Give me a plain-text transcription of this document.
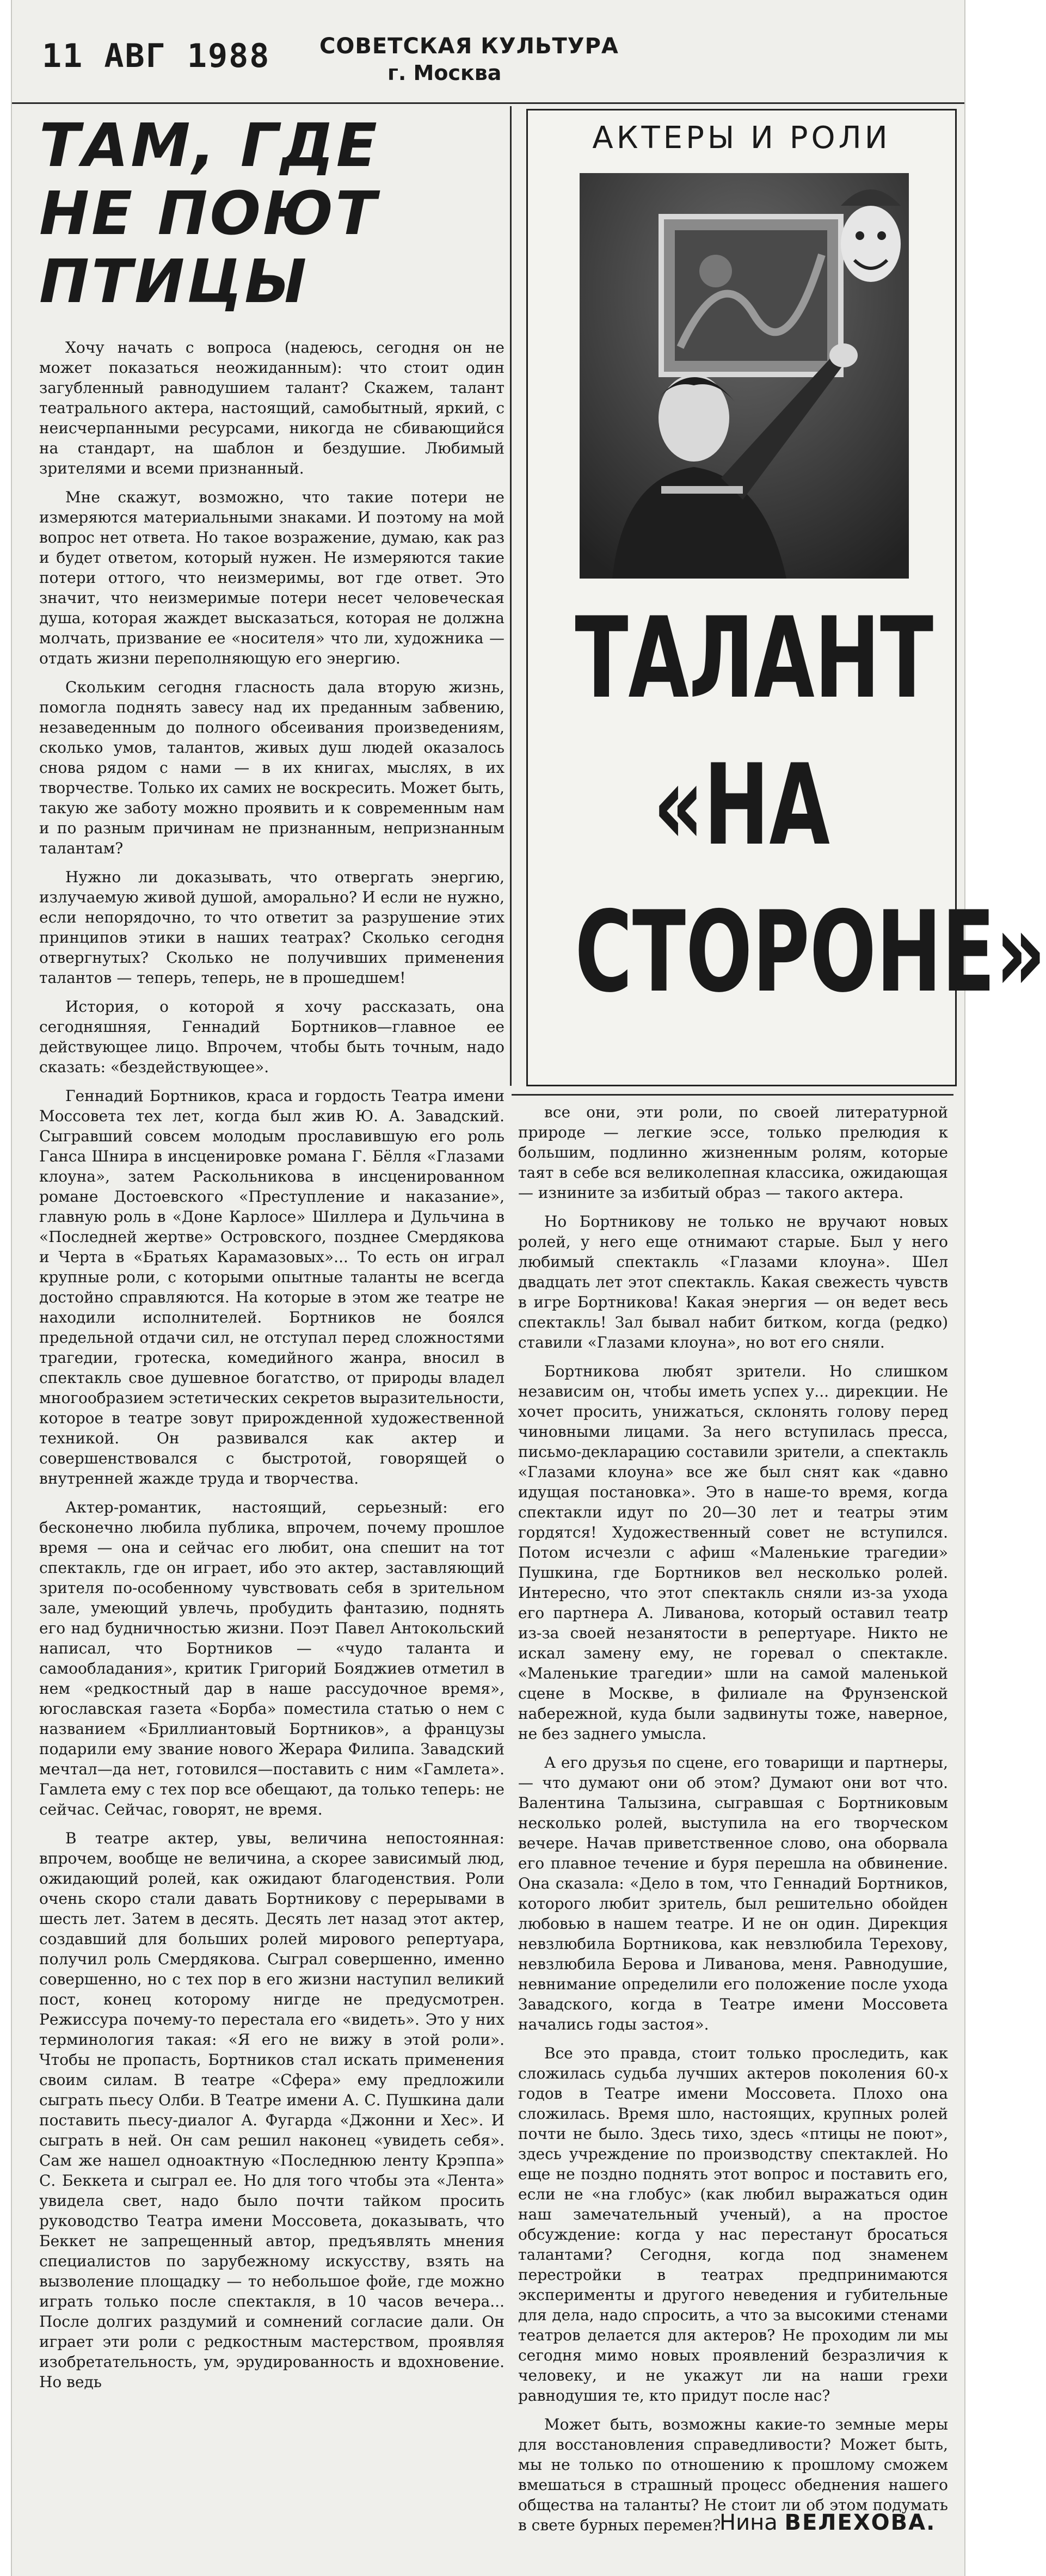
11 АВГ 1988 СОВЕТСКАЯ КУЛЬТУРА
г. Москва
ТАМ, ГДЕ
НЕ ПОЮТ
ПТИЦЫ
АКТЕРЫ И РОЛИ
ТАЛАНТ
«НА
СТОРОНЕ»

Хочу начать с вопроса (надеюсь, сегодня он не может показаться неожиданным): что стоит один загубленный равнодушием талант? Скажем, талант театрального актера, настоящий, самобытный, яркий, с неисчерпанными ресурсами, никогда не сбивающийся на стандарт, на шаблон и бездушие. Любимый зрителями и всеми признанный.

Мне скажут, возможно, что такие потери не измеряются материальными знаками. И поэтому на мой вопрос нет ответа. Но такое возражение, думаю, как раз и будет ответом, который нужен. Не измеряются такие потери оттого, что неизмеримы, вот где ответ. Это значит, что неизмеримые потери несет человеческая душа, которая жаждет высказаться, которая не должна молчать, призвание ее «носителя» что ли, художника — отдать жизни переполняющую его энергию.

Скольким сегодня гласность дала вторую жизнь, помогла поднять завесу над их преданным забвению, незаведенным до полного обсеивания произведениям, сколько умов, талантов, живых душ людей оказалось снова рядом с нами — в их книгах, мыслях, в их творчестве. Только их самих не воскресить. Может быть, такую же заботу можно проявить и к современным нам и по разным причинам не признанным, непризнанным талантам?

Нужно ли доказывать, что отвергать энергию, излучаемую живой душой, аморально? И если не нужно, если непорядочно, то что ответит за разрушение этих принципов этики в наших театрах? Сколько сегодня отвергнутых? Сколько не получивших применения талантов — теперь, теперь, не в прошедшем!

История, о которой я хочу рассказать, она сегодняшняя, Геннадий Бортников—главное ее действующее лицо. Впрочем, чтобы быть точным, надо сказать: «бездействующее».

Геннадий Бортников, краса и гордость Театра имени Моссовета тех лет, когда был жив Ю. А. Завадский. Сыгравший совсем молодым прославившую его роль Ганса Шнира в инсценировке романа Г. Бёлля «Глазами клоуна», затем Раскольникова в инсценированном романе Достоевского «Преступление и наказание», главную роль в «Доне Карлосе» Шиллера и Дульчина в «Последней жертве» Островского, позднее Смердякова и Черта в «Братьях Карамазовых»... То есть он играл крупные роли, с которыми опытные таланты не всегда достойно справляются. На которые в этом же театре не находили исполнителей. Бортников не боялся предельной отдачи сил, не отступал перед сложностями трагедии, гротеска, комедийного жанра, вносил в спектакль свое душевное богатство, от природы владел многообразием эстетических секретов выразительности, которое в театре зовут прирожденной художественной техникой. Он развивался как актер и совершенствовался с быстротой, говорящей о внутренней жажде труда и творчества.

Актер-романтик, настоящий, серьезный: его бесконечно любила публика, впрочем, почему прошлое время — она и сейчас его любит, она спешит на тот спектакль, где он играет, ибо это актер, заставляющий зрителя по-особенному чувствовать себя в зрительном зале, умеющий увлечь, пробудить фантазию, поднять его над будничностью жизни. Поэт Павел Антокольский написал, что Бортников — «чудо таланта и самообладания», критик Григорий Бояджиев отметил в нем «редкостный дар в наше рассудочное время», югославская газета «Борба» поместила статью о нем с названием «Бриллиантовый Бортников», а французы подарили ему звание нового Жерара Филипа. Завадский мечтал—да нет, готовился—поставить с ним «Гамлета». Гамлета ему с тех пор все обещают, да только теперь: не сейчас. Сейчас, говорят, не время.

В театре актер, увы, величина непостоянная: впрочем, вообще не величина, а скорее зависимый люд, ожидающий ролей, как ожидают благоденствия. Роли очень скоро стали давать Бортникову с перерывами в шесть лет. Затем в десять. Десять лет назад этот актер, создавший для больших ролей мирового репертуара, получил роль Смердякова. Сыграл совершенно, именно совершенно, но с тех пор в его жизни наступил великий пост, конец которому нигде не предусмотрен. Режиссура почему-то перестала его «видеть». Это у них терминология такая: «Я его не вижу в этой роли». Чтобы не пропасть, Бортников стал искать применения своим силам. В театре «Сфера» ему предложили сыграть пьесу Олби. В Театре имени А. С. Пушкина дали поставить пьесу-диалог А. Фугарда «Джонни и Хес». И сыграть в ней. Он сам решил наконец «увидеть себя». Сам же нашел одноактную «Последнюю ленту Крэппа» С. Беккета и сыграл ее. Но для того чтобы эта «Лента» увидела свет, надо было почти тайком просить руководство Театра имени Моссовета, доказывать, что Беккет не запрещенный автор, предъявлять мнения специалистов по зарубежному искусству, взять на вызволение площадку — то небольшое фойе, где можно играть только после спектакля, в 10 часов вечера... После долгих раздумий и сомнений согласие дали. Он играет эти роли с редкостным мастерством, проявляя изобретательность, ум, эрудированность и вдохновение. Но ведь

все они, эти роли, по своей литературной природе — легкие эссе, только прелюдия к большим, подлинно жизненным ролям, которые таят в себе вся великолепная классика, ожидающая — изнините за избитый образ — такого актера.

Но Бортникову не только не вручают новых ролей, у него еще отнимают старые. Был у него любимый спектакль «Глазами клоуна». Шел двадцать лет этот спектакль. Какая свежесть чувств в игре Бортникова! Какая энергия — он ведет весь спектакль! Зал бывал набит битком, когда (редко) ставили «Глазами клоуна», но вот его сняли.

Бортникова любят зрители. Но слишком независим он, чтобы иметь успех у... дирекции. Не хочет просить, унижаться, склонять голову перед чиновными лицами. За него вступилась пресса, письмо-декларацию составили зрители, а спектакль «Глазами клоуна» все же был снят как «давно идущая постановка». Это в наше-то время, когда спектакли идут по 20—30 лет и театры этим гордятся! Художественный совет не вступился. Потом исчезли с афиш «Маленькие трагедии» Пушкина, где Бортников вел несколько ролей. Интересно, что этот спектакль сняли из-за ухода его партнера А. Ливанова, который оставил театр из-за своей незанятости в репертуаре. Никто не искал замену ему, не горевал о спектакле. «Маленькие трагедии» шли на самой маленькой сцене в Москве, в филиале на Фрунзенской набережной, куда были задвинуты тоже, наверное, не без заднего умысла.

А его друзья по сцене, его товарищи и партнеры,— что думают они об этом? Думают они вот что. Валентина Талызина, сыгравшая с Бортниковым несколько ролей, выступила на его творческом вечере. Начав приветственное слово, она оборвала его плавное течение и буря перешла на обвинение. Она сказала: «Дело в том, что Геннадий Бортников, которого любит зритель, был решительно обойден любовью в нашем театре. И не он один. Дирекция невзлюбила Бортникова, как невзлюбила Терехову, невзлюбила Берова и Ливанова, меня. Равнодушие, невнимание определили его положение после ухода Завадского, когда в Театре имени Моссовета начались годы застоя».

Все это правда, стоит только проследить, как сложилась судьба лучших актеров поколения 60-х годов в Театре имени Моссовета. Плохо она сложилась. Время шло, настоящих, крупных ролей почти не было. Здесь тихо, здесь «птицы не поют», здесь учреждение по производству спектаклей. Но еще не поздно поднять этот вопрос и поставить его, если не «на глобус» (как любил выражаться один наш замечательный ученый), а на простое обсуждение: когда у нас перестанут бросаться талантами? Сегодня, когда под знаменем перестройки в театрах предпринимаются эксперименты и другого неведения и губительные для дела, надо спросить, а что за высокими стенами театров делается для актеров? Не проходим ли мы сегодня мимо новых проявлений безразличия к человеку, и не укажут ли на наши грехи равнодушия те, кто придут после нас?

Может быть, возможны какие-то земные меры для восстановления справедливости? Может быть, мы не только по отношению к прошлому сможем вмешаться в страшный процесс обеднения нашего общества на таланты? Не стоит ли об этом подумать в свете бурных перемен?

Нина ВЕЛЕХОВА.
